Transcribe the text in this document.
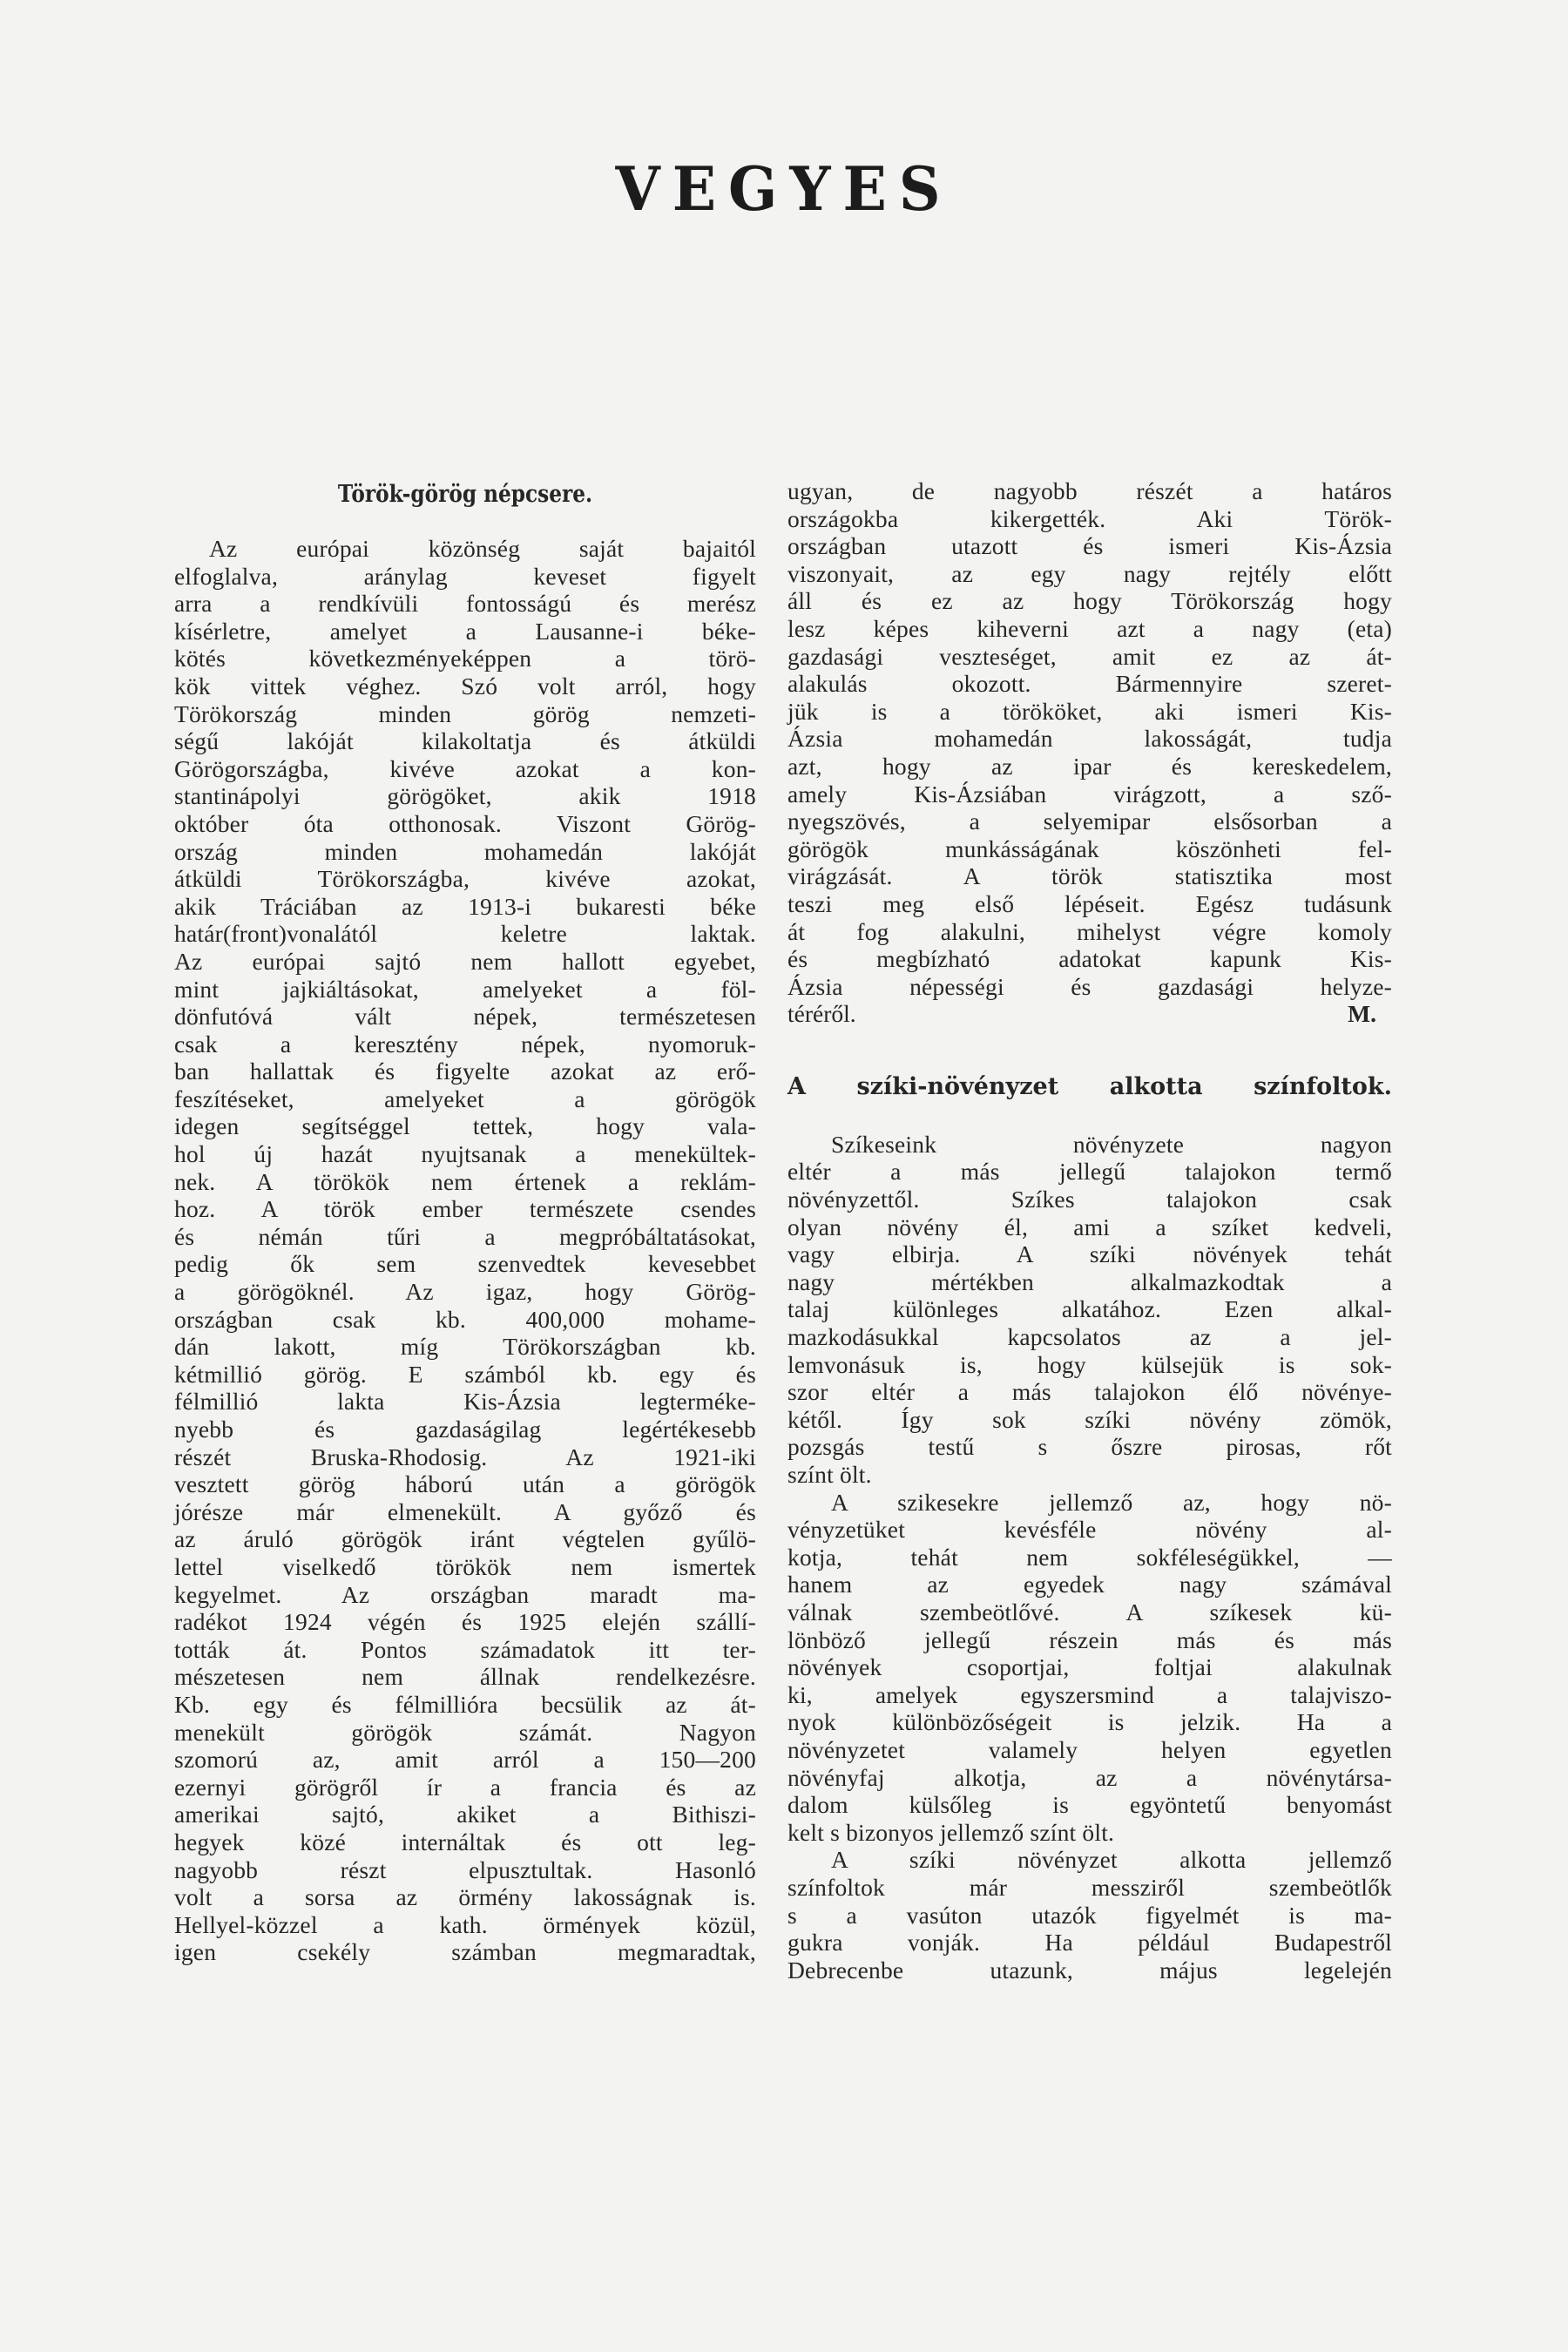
VEGYES
Török-görög népcsere.
Az európai közönség saját bajaitól
elfoglalva, aránylag keveset figyelt
arra a rendkívüli fontosságú és merész
kísérletre, amelyet a Lausanne-i béke-
kötés következményeképpen a törö-
kök vittek véghez. Szó volt arról, hogy
Törökország minden görög nemzeti-
ségű lakóját kilakoltatja és átküldi
Görögországba, kivéve azokat a kon-
stantinápolyi görögöket, akik 1918
október óta otthonosak. Viszont Görög-
ország minden mohamedán lakóját
átküldi Törökországba, kivéve azokat,
akik Tráciában az 1913-i bukaresti béke
határ(front)vonalától keletre laktak.
Az európai sajtó nem hallott egyebet,
mint jajkiáltásokat, amelyeket a föl-
dönfutóvá vált népek, természetesen
csak a keresztény népek, nyomoruk-
ban hallattak és figyelte azokat az erő-
feszítéseket, amelyeket a görögök
idegen segítséggel tettek, hogy vala-
hol új hazát nyujtsanak a menekültek-
nek. A törökök nem értenek a reklám-
hoz. A török ember természete csendes
és némán tűri a megpróbáltatásokat,
pedig ők sem szenvedtek kevesebbet
a görögöknél. Az igaz, hogy Görög-
országban csak kb. 400,000 mohame-
dán lakott, míg Törökországban kb.
kétmillió görög. E számból kb. egy és
félmillió lakta Kis-Ázsia legterméke-
nyebb és gazdaságilag legértékesebb
részét Bruska-Rhodosig. Az 1921-iki
vesztett görög háború után a görögök
jórésze már elmenekült. A győző és
az áruló görögök iránt végtelen gyűlö-
lettel viselkedő törökök nem ismertek
kegyelmet. Az országban maradt ma-
radékot 1924 végén és 1925 elején szállí-
tották át. Pontos számadatok itt ter-
mészetesen nem állnak rendelkezésre.
Kb. egy és félmillióra becsülik az át-
menekült görögök számát. Nagyon
szomorú az, amit arról a 150—200
ezernyi görögről ír a francia és az
amerikai sajtó, akiket a Bithiszi-
hegyek közé internáltak és ott leg-
nagyobb részt elpusztultak. Hasonló
volt a sorsa az örmény lakosságnak is.
Hellyel-közzel a kath. örmények közül,
igen csekély számban megmaradtak,
ugyan, de nagyobb részét a határos
országokba kikergették. Aki Török-
országban utazott és ismeri Kis-Ázsia
viszonyait, az egy nagy rejtély előtt
áll és ez az hogy Törökország hogy
lesz képes kiheverni azt a nagy (eta)
gazdasági veszteséget, amit ez az át-
alakulás okozott. Bármennyire szeret-
jük is a törököket, aki ismeri Kis-
Ázsia mohamedán lakosságát, tudja
azt, hogy az ipar és kereskedelem,
amely Kis-Ázsiában virágzott, a sző-
nyegszövés, a selyemipar elsősorban a
görögök munkásságának köszönheti fel-
virágzását. A török statisztika most
teszi meg első lépéseit. Egész tudásunk
át fog alakulni, mihelyst végre komoly
és megbízható adatokat kapunk Kis-
Ázsia népességi és gazdasági helyze-
téréről.	M.
A szíki-növényzet alkotta színfoltok.
Szíkeseink növényzete nagyon
eltér a más jellegű talajokon termő
növényzettől. Szíkes talajokon csak
olyan növény él, ami a szíket kedveli,
vagy elbirja. A szíki növények tehát
nagy mértékben alkalmazkodtak a
talaj különleges alkatához. Ezen alkal-
mazkodásukkal kapcsolatos az a jel-
lemvonásuk is, hogy külsejük is sok-
szor eltér a más talajokon élő növénye-
kétől. Így sok szíki növény zömök,
pozsgás testű s őszre pirosas, rőt
színt ölt.
A szikesekre jellemző az, hogy nö-
vényzetüket kevésféle növény al-
kotja, tehát nem sokféleségükkel, —
hanem az egyedek nagy számával
válnak szembeötlővé. A szíkesek kü-
lönböző jellegű részein más és más
növények csoportjai, foltjai alakulnak
ki, amelyek egyszersmind a talajviszo-
nyok különbözőségeit is jelzik. Ha a
növényzetet valamely helyen egyetlen
növényfaj alkotja, az a növénytársa-
dalom külsőleg is egyöntetű benyomást
kelt s bizonyos jellemző színt ölt.
A szíki növényzet alkotta jellemző
színfoltok már messziről szembeötlők
s a vasúton utazók figyelmét is ma-
gukra vonják. Ha például Budapestről
Debrecenbe utazunk, május legelején
